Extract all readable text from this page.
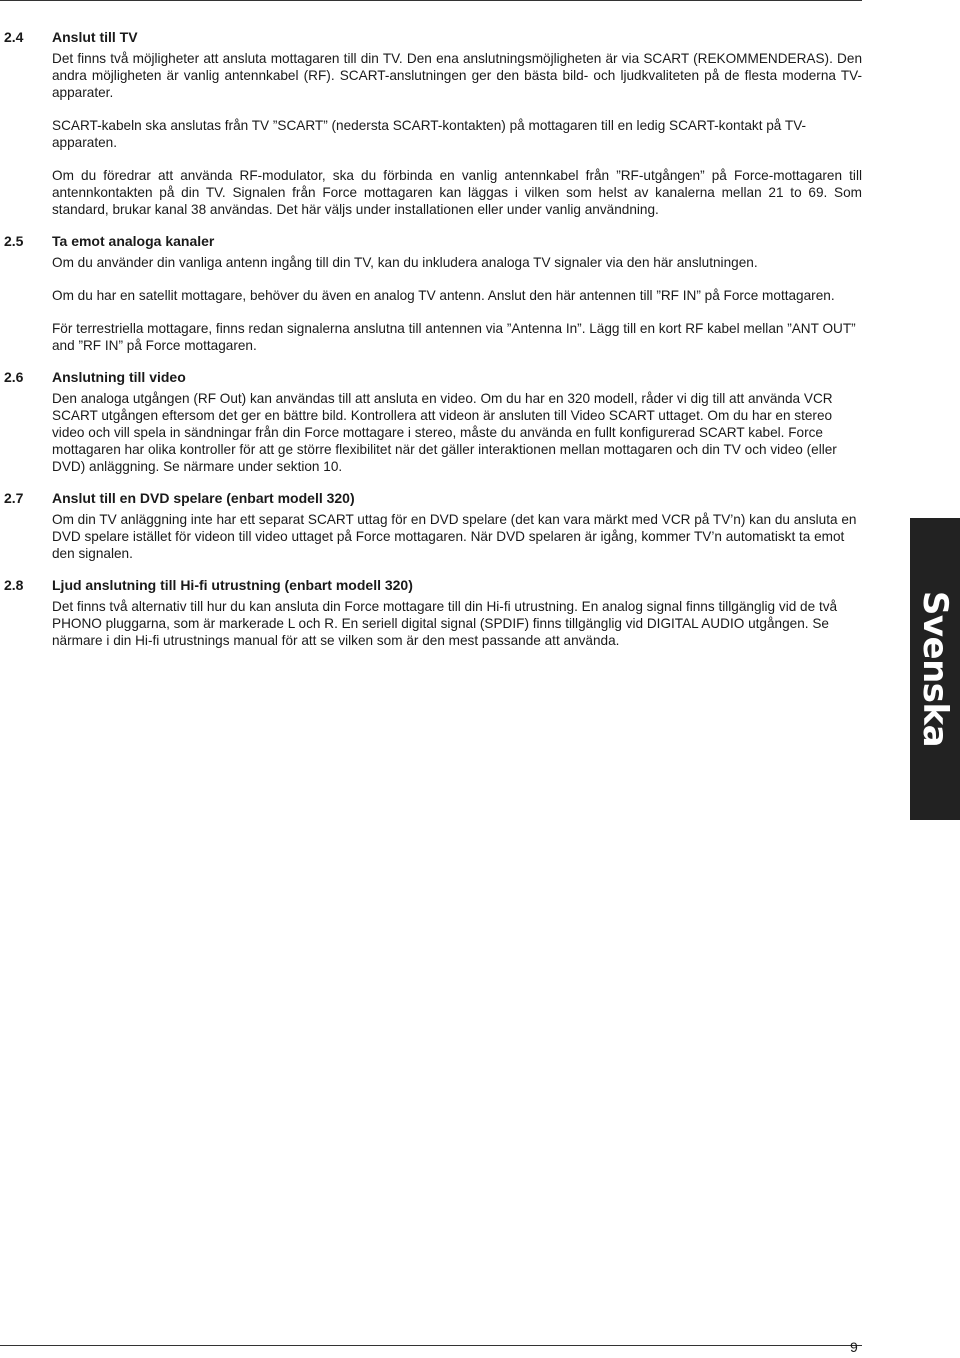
2.4	Anslut till TV

Det finns två möjligheter att ansluta mottagaren till din TV. Den ena anslutningsmöjligheten är via SCART (REKOMMENDERAS). Den andra möjligheten är vanlig antennkabel (RF). SCART-anslutningen ger den bästa bild- och ljudkvaliteten på de flesta moderna TV-apparater.

SCART-kabeln ska anslutas från TV ”SCART” (nedersta SCART-kontakten) på mottagaren till en ledig SCART-kontakt på TV-apparaten.

Om du föredrar att använda RF-modulator, ska du förbinda en vanlig antennkabel från ”RF-utgången” på Force-mottagaren till antennkontakten på din TV. Signalen från Force mottagaren kan läggas i vilken som helst av kanalerna mellan 21 to 69. Som standard, brukar kanal 38 användas. Det här väljs under installationen eller under vanlig användning.

2.5	Ta emot analoga kanaler

Om du använder din vanliga antenn ingång till din TV, kan du inkludera analoga TV signaler via den här anslutningen.

Om du har en satellit mottagare, behöver du även en analog TV antenn. Anslut den här antennen till ”RF IN” på Force mottagaren.

För terrestriella mottagare, finns redan signalerna anslutna till antennen via ”Antenna In”. Lägg till en kort RF kabel mellan ”ANT OUT” and ”RF IN” på Force mottagaren.

2.6	Anslutning till video

Den analoga utgången (RF Out) kan användas till att ansluta en video. Om du har en 320 modell, råder vi dig till att använda VCR SCART utgången eftersom det ger en bättre bild. Kontrollera att videon är ansluten till Video SCART uttaget. Om du har en stereo video och vill spela in sändningar från din Force mottagare i stereo, måste du använda en fullt konfigurerad SCART kabel. Force mottagaren har olika kontroller för att ge större flexibilitet när det gäller interaktionen mellan mottagaren och din TV och video (eller DVD) anläggning. Se närmare under sektion 10.

2.7	Anslut till en DVD spelare (enbart modell 320)

Om din TV anläggning inte har ett separat SCART uttag för en DVD spelare (det kan vara märkt med VCR på TV’n) kan du ansluta en DVD spelare istället för videon till video uttaget på Force mottagaren. När DVD spelaren är igång, kommer TV’n automatiskt ta emot den signalen.

2.8	Ljud anslutning till Hi-fi utrustning (enbart modell 320)

Det finns två alternativ till hur du kan ansluta din Force mottagare till din Hi-fi utrustning. En analog signal finns tillgänglig vid de två PHONO pluggarna, som är markerade L och R. En seriell digital signal (SPDIF) finns tillgänglig vid DIGITAL AUDIO utgången. Se närmare i din Hi-fi utrustnings manual för att se vilken som är den mest passande att använda.	Svenska
9
